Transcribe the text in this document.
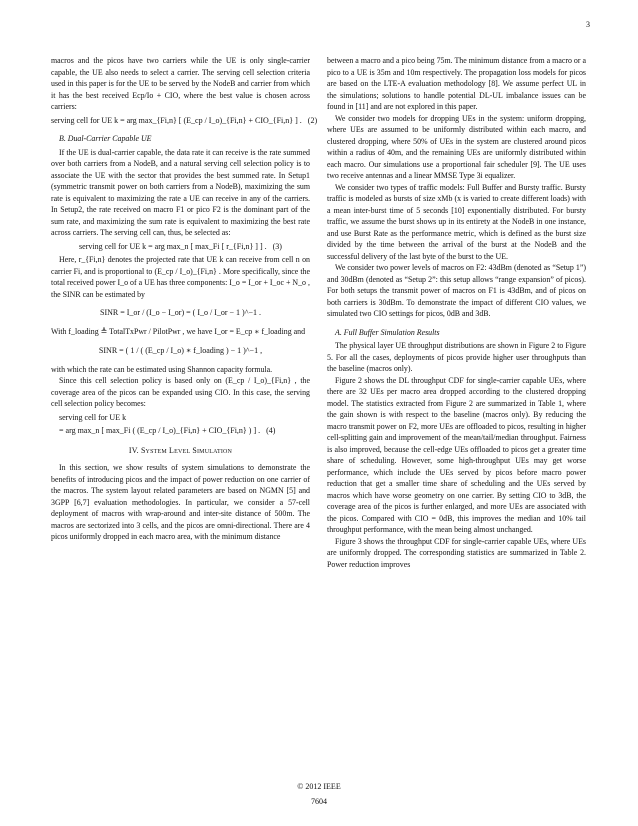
3

macros and the picos have two carriers while the UE is only single-carrier capable, the UE also needs to select a carrier. The serving cell selection criteria used in this paper is for the UE to be served by the NodeB and carrier from which it has the best received Ecp/Io + CIO, where the best value is chosen across carriers:

serving cell for UE k = arg max_{Fi,n} [ (E_cp / I_o)_{Fi,n} + CIO_{Fi,n} ] . (2)
B. Dual-Carrier Capable UE

If the UE is dual-carrier capable, the data rate it can receive is the rate summed over both carriers from a NodeB, and a natural serving cell selection policy is to associate the UE with the sector that provides the best summed rate. In Setup1 (symmetric transmit power on both carriers from a NodeB), maximizing the sum rate is equivalent to maximizing the rate a UE can receive in any of the carriers. In Setup2, the rate received on macro F1 or pico F2 is the dominant part of the sum rate, and maximizing the sum rate is equivalent to maximizing the best rate across carriers. The serving cell can, thus, be selected as:

serving cell for UE k = arg max_n [ max_Fi [ r_{Fi,n} ] ] . (3)

Here, r_{Fi,n} denotes the projected rate that UE k can receive from cell n on carrier Fi, and is proportional to (E_cp / I_o)_{Fi,n} . More specifically, since the total received power I_o of a UE has three components: I_o = I_or + I_oc + N_o , the SINR can be estimated by

SINR = I_or / (I_o − I_or) = ( I_o / I_or − 1 )^−1 .

With f_loading ≜ TotalTxPwr / PilotPwr , we have I_or = E_cp ∗ f_loading and

SINR = ( 1 / ( (E_cp / I_o) ∗ f_loading ) − 1 )^−1 ,

with which the rate can be estimated using Shannon capacity formula.

Since this cell selection policy is based only on (E_cp / I_o)_{Fi,n} , the coverage area of the picos can be expanded using CIO. In this case, the serving cell selection policy becomes:

serving cell for UE k
= arg max_n [ max_Fi ( (E_cp / I_o)_{Fi,n} + CIO_{Fi,n} ) ] . (4)
IV. System Level Simulation

In this section, we show results of system simulations to demonstrate the benefits of introducing picos and the impact of power reduction on one carrier of the macros. The system layout related parameters are based on NGMN [5] and 3GPP [6,7] evaluation methodologies. In particular, we consider a 57-cell deployment of macros with wrap-around and inter-site distance of 500m. The macros are sectorized into 3 cells, and the picos are omni-directional. There are 4 picos uniformly dropped in each macro area, with the minimum distance

between a macro and a pico being 75m. The minimum distance from a macro or a pico to a UE is 35m and 10m respectively. The propagation loss models for picos are based on the LTE-A evaluation methodology [8]. We assume perfect UL in the simulations; solutions to handle potential DL-UL imbalance issues can be found in [11] and are not explored in this paper.

We consider two models for dropping UEs in the system: uniform dropping, where UEs are assumed to be uniformly distributed within each macro, and clustered dropping, where 50% of UEs in the system are clustered around picos within a radius of 40m, and the remaining UEs are uniformly distributed within each macro. Our simulations use a proportional fair scheduler [9]. The UE uses two receive antennas and a linear MMSE Type 3i equalizer.

We consider two types of traffic models: Full Buffer and Bursty traffic. Bursty traffic is modeled as bursts of size xMb (x is varied to create different loads) with a mean inter-burst time of 5 seconds [10] exponentially distributed. For bursty traffic, we assume the burst shows up in its entirety at the NodeB in one instance, and use Burst Rate as the performance metric, which is defined as the burst size divided by the time between the arrival of the burst at the NodeB and the successful delivery of the last byte of the burst to the UE.

We consider two power levels of macros on F2: 43dBm (denoted as “Setup 1”) and 30dBm (denoted as “Setup 2”: this setup allows “range expansion” of picos). For both setups the transmit power of macros on F1 is 43dBm, and of picos on both carriers is 30dBm. To demonstrate the impact of different CIO values, we simulated two CIO settings for picos, 0dB and 3dB.

A. Full Buffer Simulation Results

The physical layer UE throughput distributions are shown in Figure 2 to Figure 5. For all the cases, deployments of picos provide higher user throughputs than the baseline (macros only).

Figure 2 shows the DL throughput CDF for single-carrier capable UEs, where there are 32 UEs per macro area dropped according to the clustered dropping model. The statistics extracted from Figure 2 are summarized in Table 1, where the gain shown is with respect to the baseline (macros only). By reducing the macro transmit power on F2, more UEs are offloaded to picos, resulting in higher cell-splitting gain and improvement of the mean/tail/median throughput. Fairness is also improved, because the cell-edge UEs offloaded to picos get a greater time share of scheduling. However, some high-throughput UEs may get worse performance, which include the UEs served by picos before macro power reduction that get a smaller time share of scheduling and the UEs served by macros which have worse geometry on one carrier. By setting CIO to 3dB, the coverage area of the picos is further enlarged, and more UEs are associated with the picos. Compared with CIO = 0dB, this improves the median and 10% tail throughput performance, with the mean being almost unchanged.

Figure 3 shows the throughput CDF for single-carrier capable UEs, where UEs are uniformly dropped. The corresponding statistics are summarized in Table 2. Power reduction improves

© 2012 IEEE
7604
